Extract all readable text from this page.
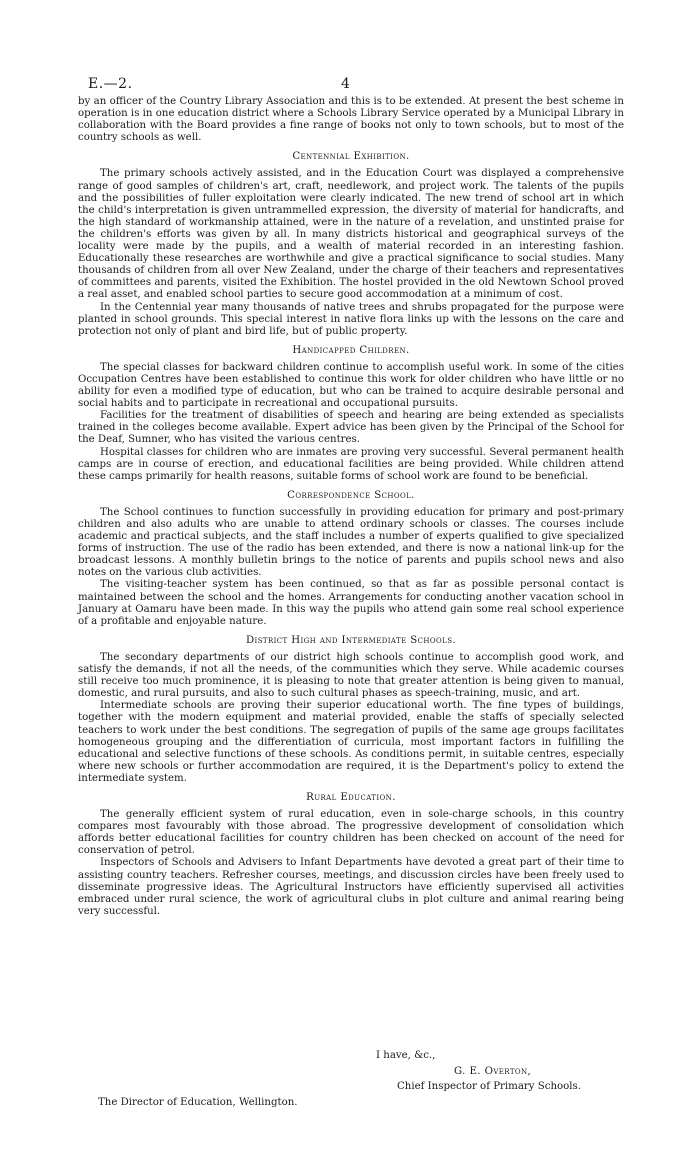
E.—2.	4

by an officer of the Country Library Association and this is to be extended. At present the best scheme in operation is in one education district where a Schools Library Service operated by a Municipal Library in collaboration with the Board provides a fine range of books not only to town schools, but to most of the country schools as well.

Centennial Exhibition.

The primary schools actively assisted, and in the Education Court was displayed a comprehensive range of good samples of children's art, craft, needlework, and project work. The talents of the pupils and the possibilities of fuller exploitation were clearly indicated. The new trend of school art in which the child's interpretation is given untrammelled expression, the diversity of material for handicrafts, and the high standard of workmanship attained, were in the nature of a revelation, and unstinted praise for the children's efforts was given by all. In many districts historical and geographical surveys of the locality were made by the pupils, and a wealth of material recorded in an interesting fashion. Educationally these researches are worthwhile and give a practical significance to social studies. Many thousands of children from all over New Zealand, under the charge of their teachers and representatives of committees and parents, visited the Exhibition. The hostel provided in the old Newtown School proved a real asset, and enabled school parties to secure good accommodation at a minimum of cost.

In the Centennial year many thousands of native trees and shrubs propagated for the purpose were planted in school grounds. This special interest in native flora links up with the lessons on the care and protection not only of plant and bird life, but of public property.

Handicapped Children.

The special classes for backward children continue to accomplish useful work. In some of the cities Occupation Centres have been established to continue this work for older children who have little or no ability for even a modified type of education, but who can be trained to acquire desirable personal and social habits and to participate in recreational and occupational pursuits.

Facilities for the treatment of disabilities of speech and hearing are being extended as specialists trained in the colleges become available. Expert advice has been given by the Principal of the School for the Deaf, Sumner, who has visited the various centres.

Hospital classes for children who are inmates are proving very successful. Several permanent health camps are in course of erection, and educational facilities are being provided. While children attend these camps primarily for health reasons, suitable forms of school work are found to be beneficial.

Correspondence School.

The School continues to function successfully in providing education for primary and post-primary children and also adults who are unable to attend ordinary schools or classes. The courses include academic and practical subjects, and the staff includes a number of experts qualified to give specialized forms of instruction. The use of the radio has been extended, and there is now a national link-up for the broadcast lessons. A monthly bulletin brings to the notice of parents and pupils school news and also notes on the various club activities.

The visiting-teacher system has been continued, so that as far as possible personal contact is maintained between the school and the homes. Arrangements for conducting another vacation school in January at Oamaru have been made. In this way the pupils who attend gain some real school experience of a profitable and enjoyable nature.

District High and Intermediate Schools.

The secondary departments of our district high schools continue to accomplish good work, and satisfy the demands, if not all the needs, of the communities which they serve. While academic courses still receive too much prominence, it is pleasing to note that greater attention is being given to manual, domestic, and rural pursuits, and also to such cultural phases as speech-training, music, and art.

Intermediate schools are proving their superior educational worth. The fine types of buildings, together with the modern equipment and material provided, enable the staffs of specially selected teachers to work under the best conditions. The segregation of pupils of the same age groups facilitates homogeneous grouping and the differentiation of curricula, most important factors in fulfilling the educational and selective functions of these schools. As conditions permit, in suitable centres, especially where new schools or further accommodation are required, it is the Department's policy to extend the intermediate system.

Rural Education.

The generally efficient system of rural education, even in sole-charge schools, in this country compares most favourably with those abroad. The progressive development of consolidation which affords better educational facilities for country children has been checked on account of the need for conservation of petrol.

Inspectors of Schools and Advisers to Infant Departments have devoted a great part of their time to assisting country teachers. Refresher courses, meetings, and discussion circles have been freely used to disseminate progressive ideas. The Agricultural Instructors have efficiently supervised all activities embraced under rural science, the work of agricultural clubs in plot culture and animal rearing being very successful.

I have, &c.,
G. E. Overton,
Chief Inspector of Primary Schools.
The Director of Education, Wellington.
